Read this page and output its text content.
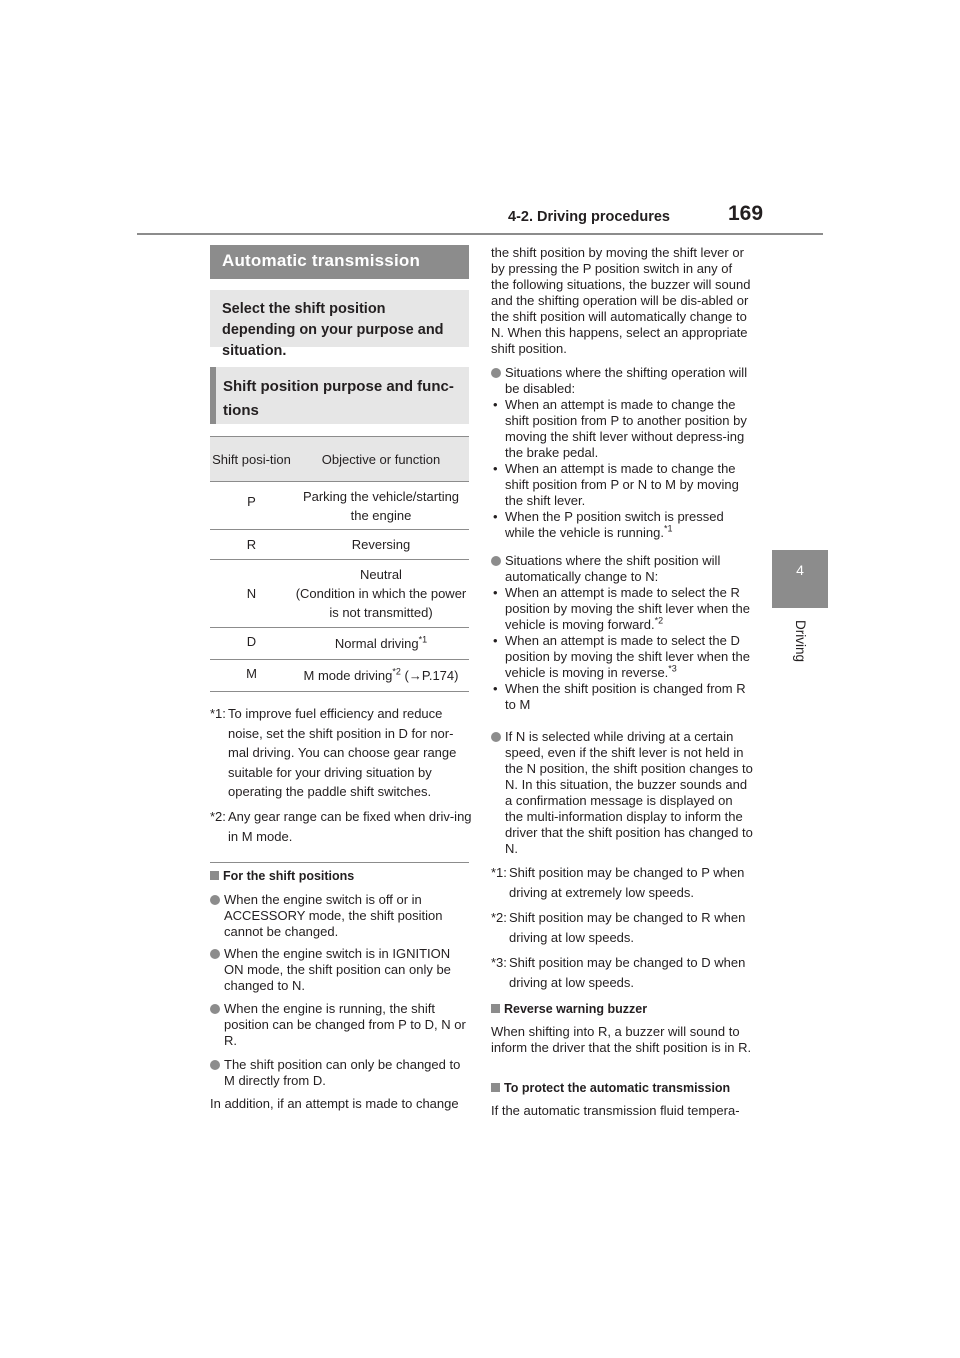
4-2. Driving procedures	169
4
Driving
Automatic transmission
Select the shift position depending on your purpose and situation.
Shift position purpose and func-tions
Shift posi-tion	Objective or function
P	Parking the vehicle/starting the engine
R	Reversing
N	Neutral
(Condition in which the power is not transmitted)

D	Normal driving$^{*1}$
M	M mode driving$^{*2}$ (→P.174)
*1: To improve fuel efficiency and reduce noise, set the shift position in D for nor-mal driving. You can choose gear range suitable for your driving situation by operating the paddle shift switches.
*2: Any gear range can be fixed when driv-ing in M mode.
For the shift positions
When the engine switch is off or in ACCESSORY mode, the shift position cannot be changed.
When the engine switch is in IGNITION ON mode, the shift position can only be changed to N.
When the engine is running, the shift position can be changed from P to D, N or R.
The shift position can only be changed to M directly from D.
In addition, if an attempt is made to change
the shift position by moving the shift lever or by pressing the P position switch in any of the following situations, the buzzer will sound and the shifting operation will be dis-abled or the shift position will automatically change to N. When this happens, select an appropriate shift position.
Situations where the shifting operation will be disabled:
• When an attempt is made to change the shift position from P to another position by moving the shift lever without depress-ing the brake pedal.
• When an attempt is made to change the shift position from P or N to M by moving the shift lever.
• When the P position switch is pressed while the vehicle is running.$^{*1}$
Situations where the shift position will automatically change to N:
• When an attempt is made to select the R position by moving the shift lever when the vehicle is moving forward.$^{*2}$
• When an attempt is made to select the D position by moving the shift lever when the vehicle is moving in reverse.$^{*3}$
• When the shift position is changed from R to M
If N is selected while driving at a certain speed, even if the shift lever is not held in the N position, the shift position changes to N. In this situation, the buzzer sounds and a confirmation message is displayed on the multi-information display to inform the driver that the shift position has changed to N.
*1: Shift position may be changed to P when driving at extremely low speeds.
*2: Shift position may be changed to R when driving at low speeds.
*3: Shift position may be changed to D when driving at low speeds.
Reverse warning buzzer
When shifting into R, a buzzer will sound to inform the driver that the shift position is in R.
To protect the automatic transmission
If the automatic transmission fluid tempera-
